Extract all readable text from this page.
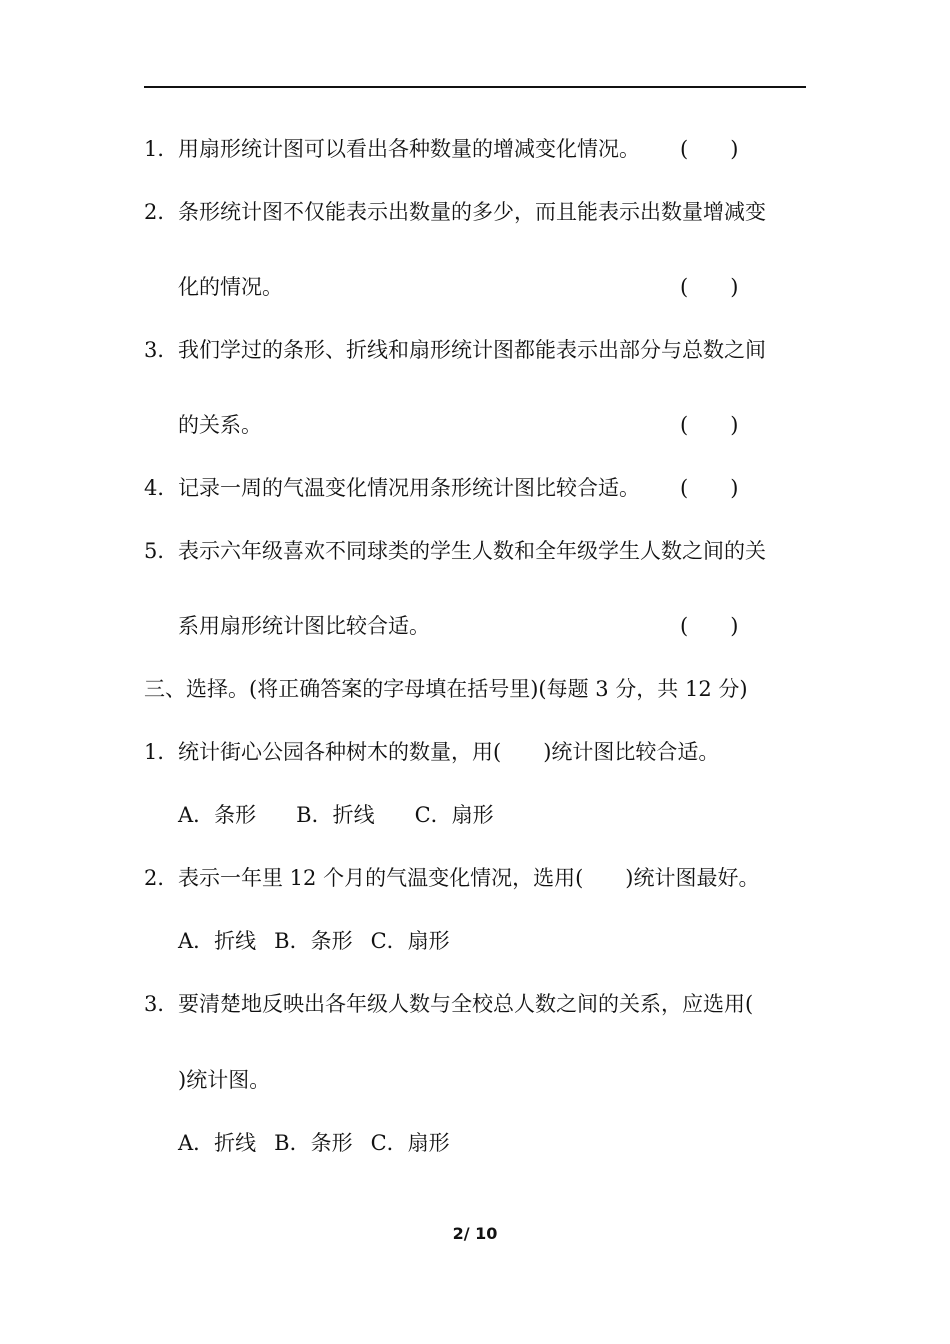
1．用扇形统计图可以看出各种数量的增减变化情况。 (　　)
2．条形统计图不仅能表示出数量的多少，而且能表示出数量增减变
化的情况。	(　　)
3．我们学过的条形、折线和扇形统计图都能表示出部分与总数之间
的关系。	(　　)
4．记录一周的气温变化情况用条形统计图比较合适。 (　　)
5．表示六年级喜欢不同球类的学生人数和全年级学生人数之间的关
系用扇形统计图比较合适。	(　　)
三、选择。(将正确答案的字母填在括号里)(每题 3 分，共 12 分)
1．统计街心公园各种树木的数量，用(　　)统计图比较合适。
A．条形 B．折线 C．扇形
2．表示一年里 12 个月的气温变化情况，选用(　　)统计图最好。
A．折线 B．条形 C．扇形
3．要清楚地反映出各年级人数与全校总人数之间的关系，应选用(
)统计图。
A．折线 B．条形 C．扇形
2/ 10
